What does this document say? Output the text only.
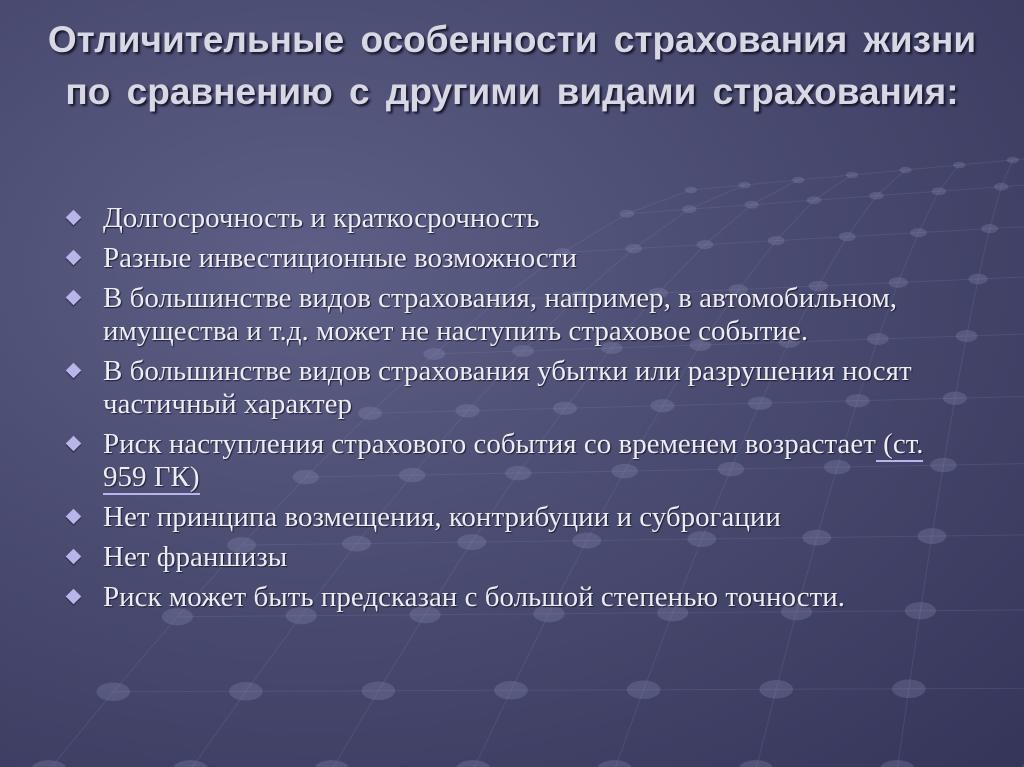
Отличительные особенности страхования жизни по сравнению с другими видами страхования:
Долгосрочность и краткосрочность
Разные инвестиционные возможности
В большинстве видов страхования, например, в автомобильном, имущества и т.д. может не наступить страховое событие.
В большинстве видов страхования убытки или разрушения носят частичный характер
Риск наступления страхового события со временем возрастает (ст. 959 ГК)
Нет принципа возмещения, контрибуции и суброгации
Нет франшизы
Риск может быть предсказан с большой степенью точности.
